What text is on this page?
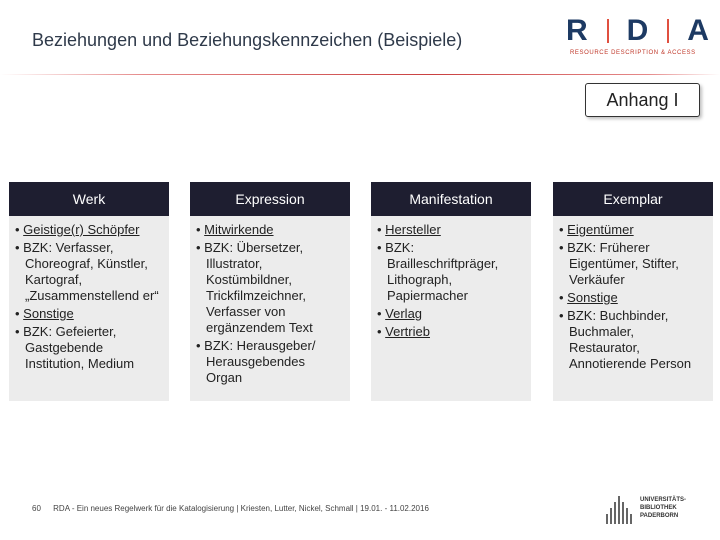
Beziehungen und Beziehungskennzeichen (Beispiele)	R D A
RESOURCE DESCRIPTION & ACCESS
Anhang I
Werk
• Geistige(r) Schöpfer
• BZK: Verfasser, Choreograf, Künstler, Kartograf, „Zusammenstellend er“
• Sonstige
• BZK: Gefeierter, Gastgebende Institution, Medium
Expression
• Mitwirkende
• BZK: Übersetzer, Illustrator, Kostümbildner, Trickfilmzeichner, Verfasser von ergänzendem Text
• BZK: Herausgeber/ Herausgebendes Organ
Manifestation
• Hersteller
• BZK: Brailleschriftpräger, Lithograph, Papiermacher
• Verlag
• Vertrieb
Exemplar
• Eigentümer
• BZK: Früherer Eigentümer, Stifter, Verkäufer
• Sonstige
• BZK: Buchbinder, Buchmaler, Restaurator, Annotierende Person
60 RDA - Ein neues Regelwerk für die Katalogisierung | Kriesten, Lutter, Nickel, Schmall | 19.01. - 11.02.2016
UNIVERSITÄTS-
BIBLIOTHEK
PADERBORN
